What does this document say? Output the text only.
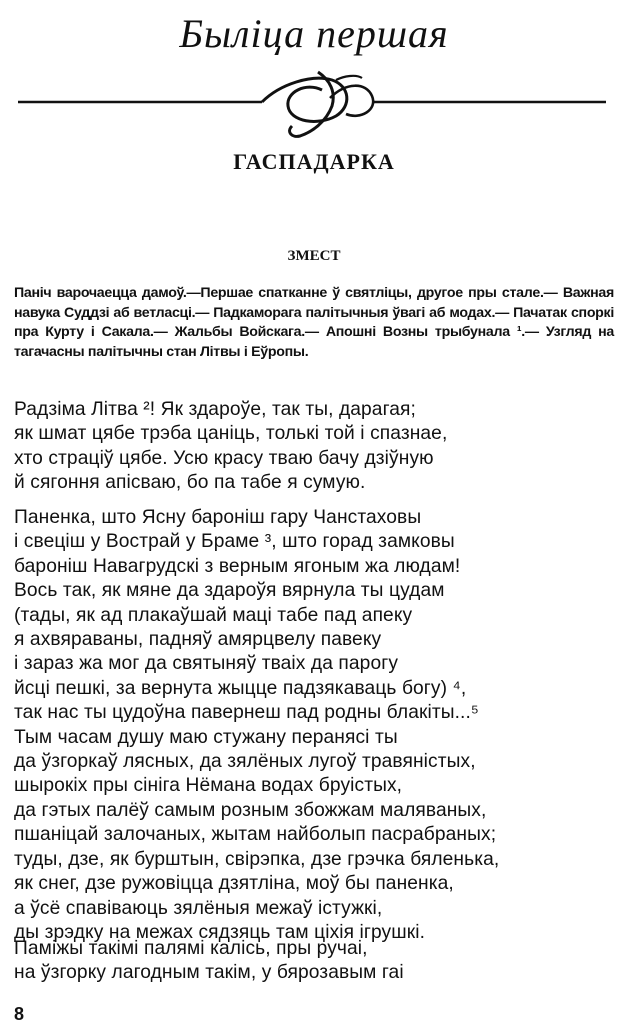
Быліца першая
ГАСПАДАРКА
ЗМЕСТ
Паніч варочаецца дамоў.—Першае спатканне ў святліцы, другое пры сталe.— Важная навука Суддзі аб ветласці.— Падкаморага палітычныя ўвагі аб модах.— Пачатак споркі пра Курту і Сакала.— Жальбы Войскага.— Апошні Возны трыбунала ¹.— Узгляд на тагачасны палітычны стан Літвы і Еўропы.
Радзіма Літва ²! Як здароўе, так ты, дарагая;
як шмат цябе трэба цаніць, толькі той і спазнае,
хто страціў цябе. Усю красу тваю бачу дзіўную
й сягоння апісваю, бо па табе я сумую.
Паненка, што Ясну бароніш гару Чанстаховы
і свеціш у Вострай у Браме ³, што горад замковы
бароніш Навагрудскі з верным ягоным жа людам!
Вось так, як мяне да здароўя вярнула ты цудам
(тады, як ад плакаўшай маці табе пад апеку
я ахвяраваны, падняў амярцвелу павеку
і зараз жа мог да святыняў тваіх да парогу
йсці пешкі, за вернута жыцце падзякаваць богу) ⁴,
так нас ты цудоўна павернеш пад родны блакіты...⁵
Тым часам душу маю стужану перанясі ты
да ўзгоркаў лясных, да зялёных лугоў травяністых,
шырокіх пры сініга Нёмана водах бруістых,
да гэтых палёў самым розным збожжам маляваных,
пшаніцай залочаных, жытам найболып пасрабраных;
туды, дзе, як бурштын, свірэпка, дзе грэчка бяленька,
як снег, дзе ружовіцца дзятліна, моў бы паненка,
а ўсё спавіваюць зялёныя межаў істужкі,
ды зрэдку на межах сядзяць там ціхія ігрушкі.
Паміжы такімі палямі калісь, пры ручаі,
на ўзгорку лагодным такім, у бярозавым гаі
8
